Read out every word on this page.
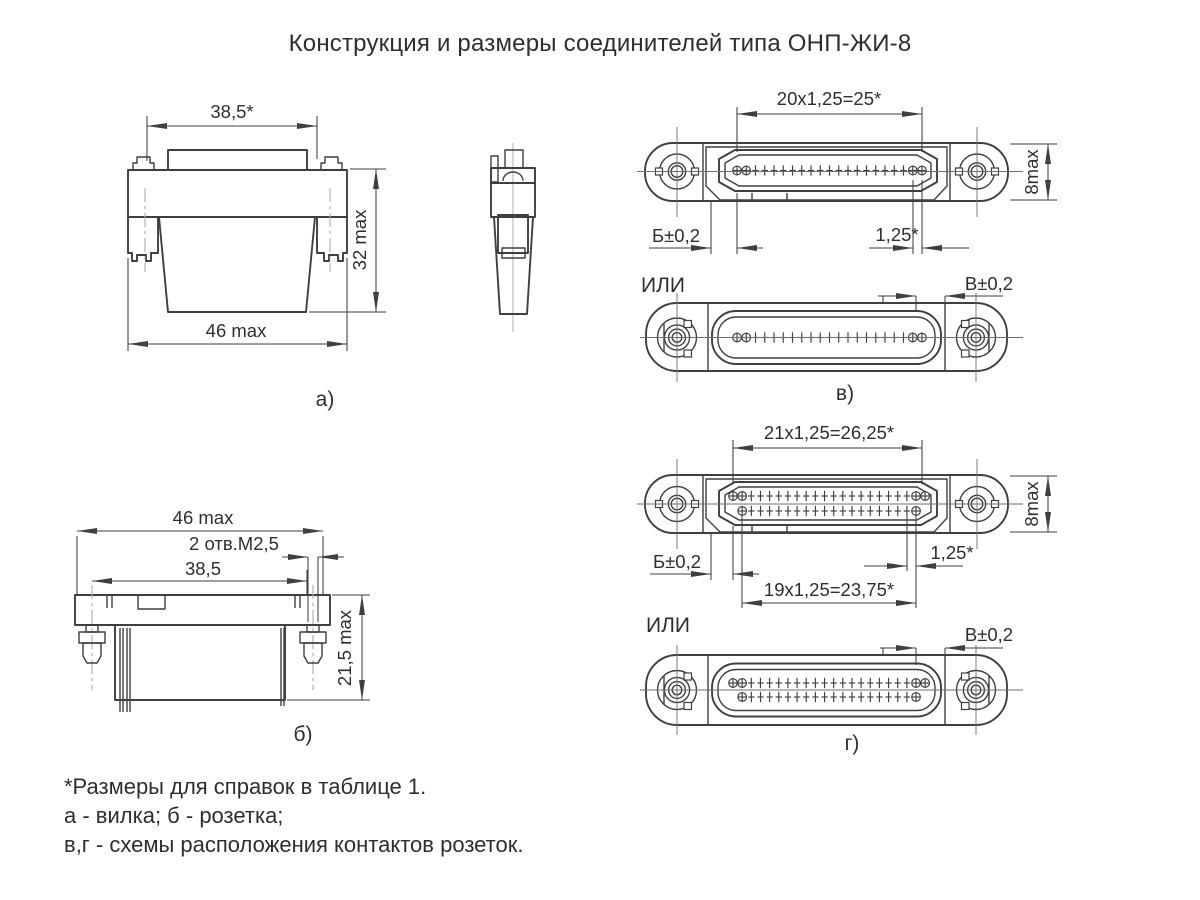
Конструкция и размеры соединителей типа ОНП-ЖИ-8
38,5*
32 max
46 max
а)
46 max
2 отв.М2,5
38,5
21,5 max
б)
20х1,25=25*
8max
Б±0,2	1,25*
ИЛИ	В±0,2
в)
21х1,25=26,25*
8max
Б±0,2	1,25*
19х1,25=23,75*
ИЛИ	В±0,2
г)
*Размеры для справок в таблице 1.
а - вилка; б - розетка;
в,г - схемы расположения контактов розеток.
